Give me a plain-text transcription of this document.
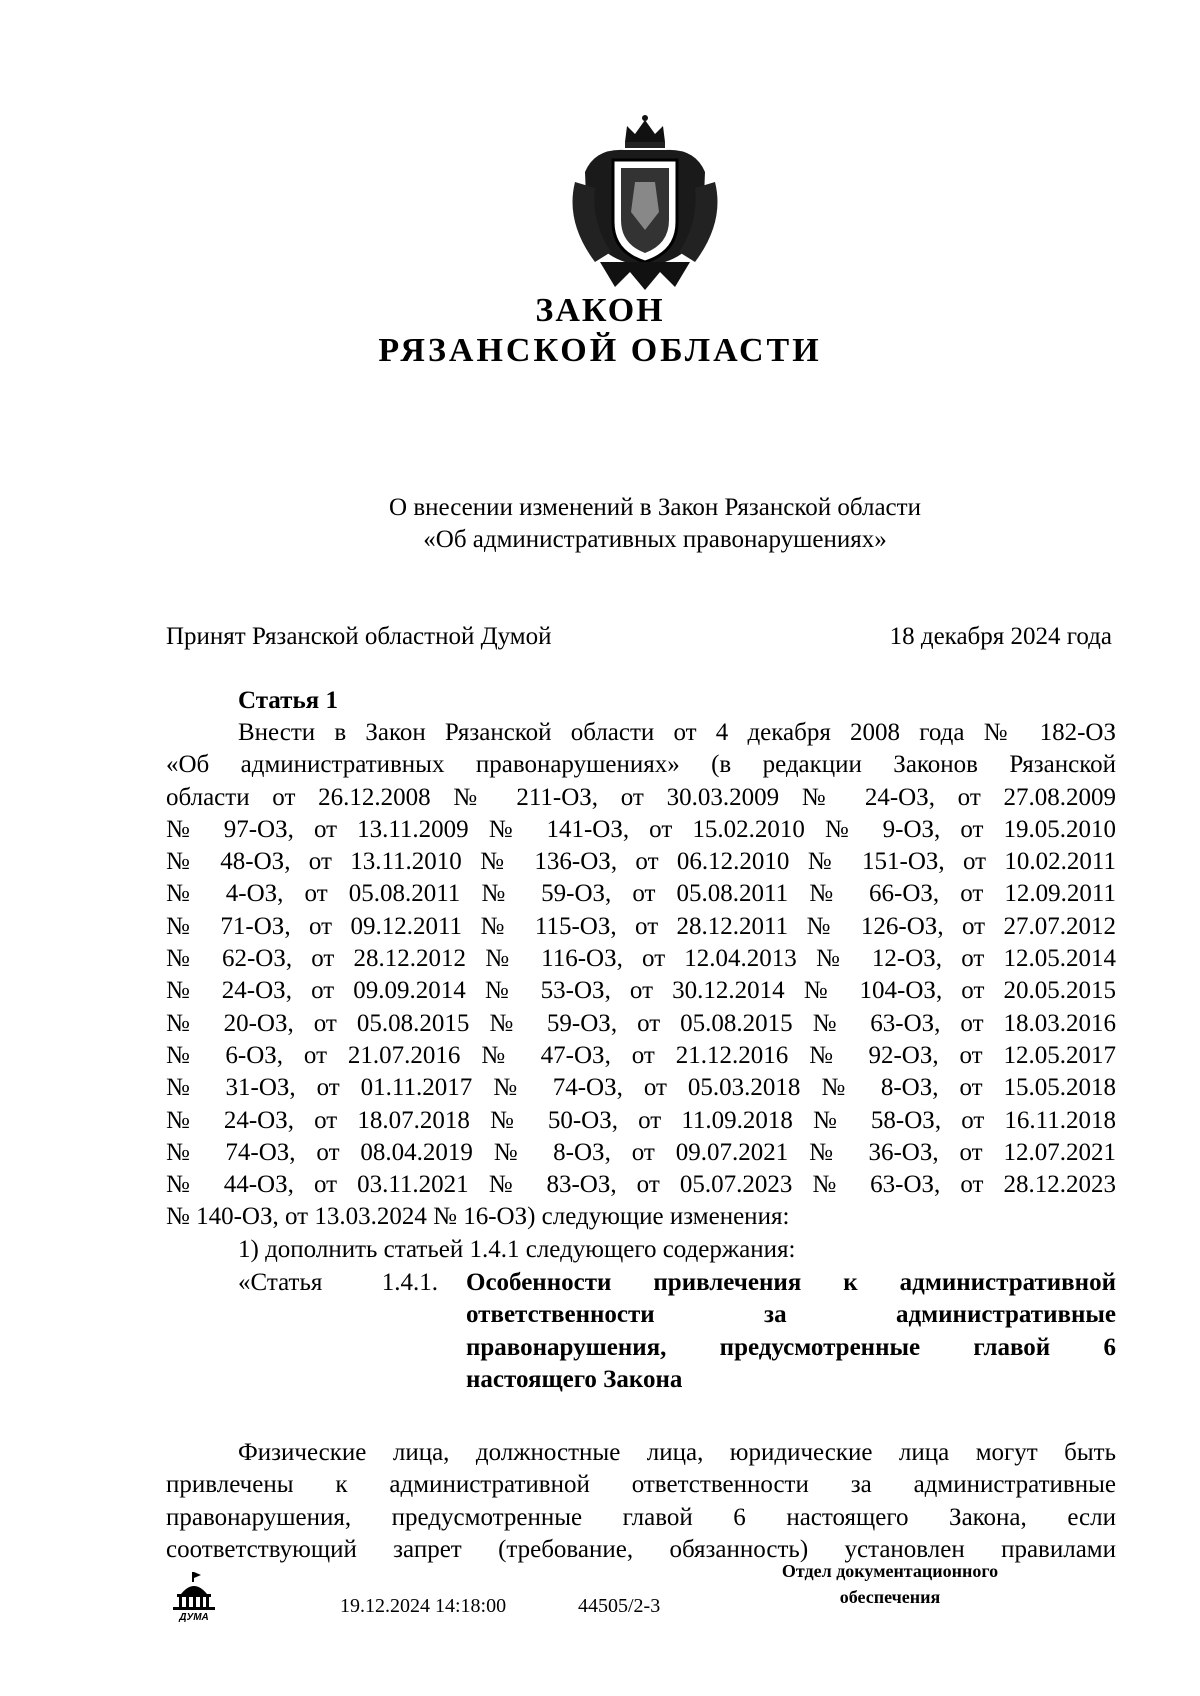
ЗАКОН
РЯЗАНСКОЙ ОБЛАСТИ
О внесении изменений в Закон Рязанской области
«Об административных правонарушениях»
Принят Рязанской областной Думой	18 декабря 2024 года
Статья 1
Внести в Закон Рязанской области от 4 декабря 2008 года № 182-ОЗ
«Об административных правонарушениях» (в редакции Законов Рязанской
области от 26.12.2008 № 211-ОЗ, от 30.03.2009 № 24-ОЗ, от 27.08.2009
№ 97-ОЗ, от 13.11.2009 № 141-ОЗ, от 15.02.2010 № 9-ОЗ, от 19.05.2010
№ 48-ОЗ, от 13.11.2010 № 136-ОЗ, от 06.12.2010 № 151-ОЗ, от 10.02.2011
№ 4-ОЗ, от 05.08.2011 № 59-ОЗ, от 05.08.2011 № 66-ОЗ, от 12.09.2011
№ 71-ОЗ, от 09.12.2011 № 115-ОЗ, от 28.12.2011 № 126-ОЗ, от 27.07.2012
№ 62-ОЗ, от 28.12.2012 № 116-ОЗ, от 12.04.2013 № 12-ОЗ, от 12.05.2014
№ 24-ОЗ, от 09.09.2014 № 53-ОЗ, от 30.12.2014 № 104-ОЗ, от 20.05.2015
№ 20-ОЗ, от 05.08.2015 № 59-ОЗ, от 05.08.2015 № 63-ОЗ, от 18.03.2016
№ 6-ОЗ, от 21.07.2016 № 47-ОЗ, от 21.12.2016 № 92-ОЗ, от 12.05.2017
№ 31-ОЗ, от 01.11.2017 № 74-ОЗ, от 05.03.2018 № 8-ОЗ, от 15.05.2018
№ 24-ОЗ, от 18.07.2018 № 50-ОЗ, от 11.09.2018 № 58-ОЗ, от 16.11.2018
№ 74-ОЗ, от 08.04.2019 № 8-ОЗ, от 09.07.2021 № 36-ОЗ, от 12.07.2021
№ 44-ОЗ, от 03.11.2021 № 83-ОЗ, от 05.07.2023 № 63-ОЗ, от 28.12.2023
№ 140-ОЗ, от 13.03.2024 № 16-ОЗ) следующие изменения:
1) дополнить статьей 1.4.1 следующего содержания:
«Статья 1.4.1. Особенности привлечения к административной
ответственности за административные
правонарушения, предусмотренные главой 6
настоящего Закона
Физические лица, должностные лица, юридические лица могут быть
привлечены к административной ответственности за административные
правонарушения, предусмотренные главой 6 настоящего Закона, если
соответствующий запрет (требование, обязанность) установлен правилами
ДУМА
19.12.2024 14:18:00	44505/2-3
Отдел документационного
обеспечения
